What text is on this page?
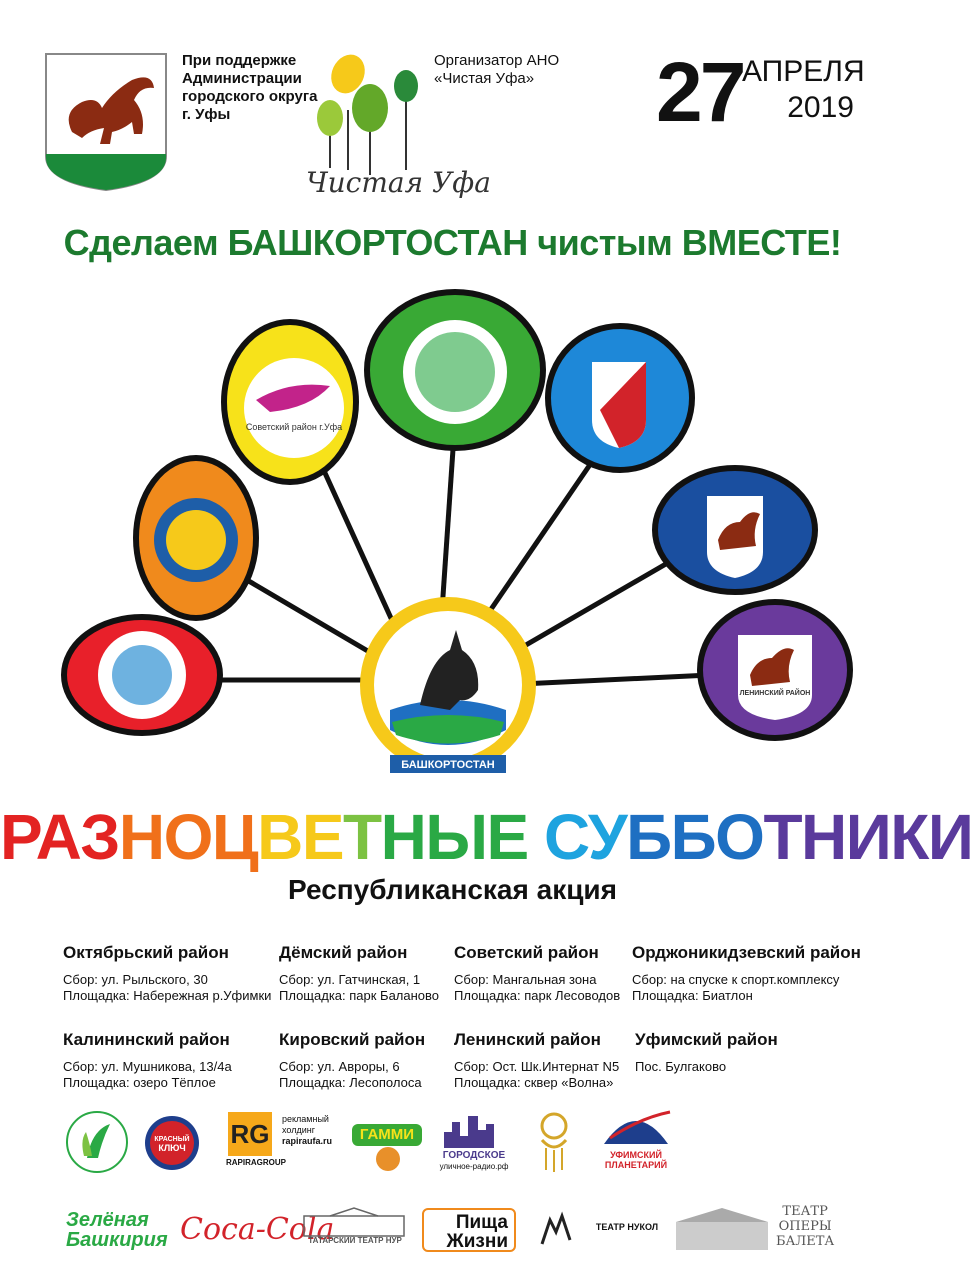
При поддержке
Администрации
городского округа
г. Уфы
Чистая Уфа
Организатор АНО
«Чистая Уфа» 27
АПРЕЛЯ
2019
Сделаем БАШКОРТОСТАН чистым ВМЕСТЕ!
Советский район г.Уфа
ЛЕНИНСКИЙ РАЙОН
БАШКОРТОСТАН
РАЗНОЦВЕТНЫЕ СУББОТНИКИ
Республиканская акция
Октябрьский район
Сбор: ул. Рыльского, 30
Площадка: Набережная р.Уфимки
Дёмский район
Сбор: ул. Гатчинская, 1
Площадка: парк Баланово
Советский район
Сбор: Мангальная зона
Площадка: парк Лесоводов
Орджоникидзевский район
Сбор: на спуске к спорт.комплексу
Площадка: Биатлон
Калининский район
Сбор: ул. Мушникова, 13/4а
Площадка: озеро Тёплое
Кировский район
Сбор: ул. Авроры, 6
Площадка: Лесополоса
Ленинский район
Сбор: Ост. Шк.Интернат N5
Площадка: сквер «Волна»
Уфимский район
Пос. Булгаково
КРАСНЫЙ
КЛЮЧ RG
RAPIRAGROUP
рекламный
холдинг
rapiraufa.ru	ГАММИ
ГОРОДСКОЕ
уличное-радио.рф
УФИМСКИЙ ПЛАНЕТАРИЙ
Зелёная
Башкирия Coca-Cola
ТАТАРСКИЙ ТЕАТР НУР
Пища
Жизни
ТЕАТР НУКОЛ
ТЕАТР
ОПЕРЫ
БАЛЕТА
